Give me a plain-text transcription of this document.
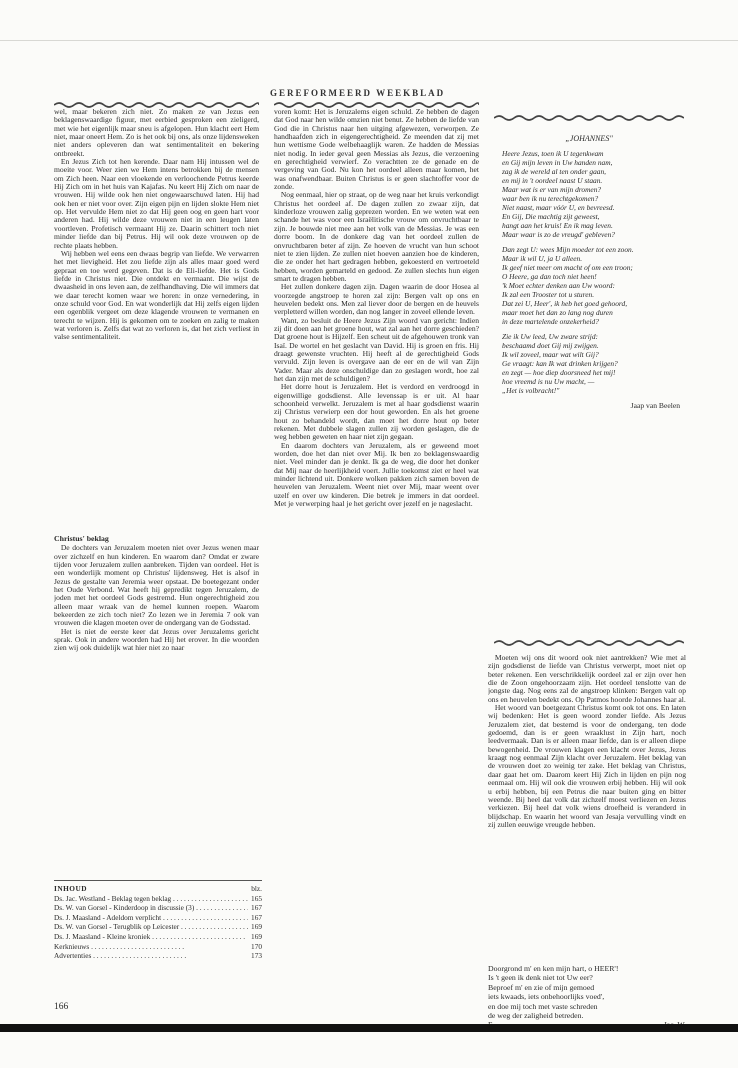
GEREFORMEERD WEEKBLAD

wel, maar bekeren zich niet. Zo maken ze van Jezus een beklagenswaardige figuur, met eerbied gesproken een zieligerd, met wie het eigenlijk maar sneu is afgelopen. Hun klacht eert Hem niet, maar oneert Hem. Zo is het ook bij ons, als onze lijdensweken niet anders opleveren dan wat sentimentaliteit en bekering ontbreekt.

En Jezus Zich tot hen kerende. Daar nam Hij intussen wel de moeite voor. Weer zien we Hem intens betrokken bij de mensen om Zich heen. Naar een vloekende en verloochende Petrus keerde Hij Zich om in het huis van Kajafas. Nu keert Hij Zich om naar de vrouwen. Hij wilde ook hen niet ongewaarschuwd laten. Hij had ook hen er niet voor over. Zijn eigen pijn en lijden slokte Hem niet op. Het vervulde Hem niet zo dat Hij geen oog en geen hart voor anderen had. Hij wilde deze vrouwen niet in een leugen laten voortleven. Profetisch vermaant Hij ze. Daarin schittert toch niet minder liefde dan bij Petrus. Hij wil ook deze vrouwen op de rechte plaats hebben.

Wij hebben wel eens een dwaas begrip van liefde. We verwarren het met lievigheid. Het zou liefde zijn als alles maar goed werd gepraat en toe werd gegeven. Dat is de Eli-liefde. Het is Gods liefde in Christus niet. Die ontdekt en vermaant. Die wijst de dwaasheid in ons leven aan, de zelfhandhaving. Die wil immers dat we daar terecht komen waar we horen: in onze vernedering, in onze schuld voor God. En wat wonderlijk dat Hij zelfs eigen lijden een ogenblik vergeet om deze klagende vrouwen te vermanen en terecht te wijzen. Hij is gekomen om te zoeken en zalig te maken wat verloren is. Zelfs dat wat zo verloren is, dat het zich verliest in valse sentimentaliteit.

Christus' beklag

De dochters van Jeruzalem moeten niet over Jezus wenen maar over zichzelf en hun kinderen. En waarom dan? Omdat er zware tijden voor Jeruzalem zullen aanbreken. Tijden van oordeel. Het is een wonderlijk moment op Christus' lijdensweg. Het is alsof in Jezus de gestalte van Jeremia weer opstaat. De boetegezant onder het Oude Verbond. Wat heeft hij gepredikt tegen Jeruzalem, de joden met het oordeel Gods gestremd. Hun ongerechtigheid zou alleen maar wraak van de hemel kunnen roepen. Waarom bekeerden ze zich toch niet? Zo lezen we in Jeremia 7 ook van vrouwen die klagen moeten over de ondergang van de Godsstad.

Het is niet de eerste keer dat Jezus over Jeruzalems gericht sprak. Ook in andere woorden had Hij het erover. In die woorden zien wij ook duidelijk wat hier niet zo naar

INHOUD	blz.
Ds. Jac. Westland - Beklag tegen beklag . . .	165
Ds. W. van Gorsel - Kinderdoop in discussie (3) . . .	167
Ds. J. Maasland - Adeldom verplicht . . .	167
Ds. W. van Gorsel - Terugblik op Leicester . . .	169
Ds. J. Maasland - Kleine kroniek . . .	169
Kerknieuws . . .	170
Advertenties . . .	173

voren komt: Het is Jeruzalems eigen schuld. Ze hebben de dagen dat God naar hen wilde omzien niet benut. Ze hebben de liefde van God die in Christus naar hen uitging afgewezen, verworpen. Ze handhaafden zich in eigengerechtigheid. Ze meenden dat zij met hun wettisme Gode welbehaaglijk waren. Ze hadden de Messias niet nodig. In ieder geval geen Messias als Jezus, die verzoening en gerechtigheid verwierf. Zo verachtten ze de genade en de vergeving van God. Nu kon het oordeel alleen maar komen, het was onafwendbaar. Buiten Christus is er geen slachtoffer voor de zonde.

Nog eenmaal, hier op straat, op de weg naar het kruis verkondigt Christus het oordeel af. De dagen zullen zo zwaar zijn, dat kinderloze vrouwen zalig geprezen worden. En we weten wat een schande het was voor een Israëlitische vrouw om onvruchtbaar te zijn. Je bouwde niet mee aan het volk van de Messias. Je was een dorre boom. In de donkere dag van het oordeel zullen de onvruchtbaren beter af zijn. Ze hoeven de vrucht van hun schoot niet te zien lijden. Ze zullen niet hoeven aanzien hoe de kinderen, die ze onder het hart gedragen hebben, gekoesterd en vertroeteld hebben, worden gemarteld en gedood. Ze zullen slechts hun eigen smart te dragen hebben.

Het zullen donkere dagen zijn. Dagen waarin de door Hosea al voorzegde angstroep te horen zal zijn: Bergen valt op ons en heuvelen bedekt ons. Men zal liever door de bergen en de heuvels verpletterd willen worden, dan nog langer in zoveel ellende leven.

Want, zo besluit de Heere Jezus Zijn woord van gericht: Indien zij dit doen aan het groene hout, wat zal aan het dorre geschieden? Dat groene hout is Hijzelf. Een scheut uit de afgehouwen tronk van Isaï. De wortel en het geslacht van David. Hij is groen en fris. Hij draagt gewenste vruchten. Hij heeft al de gerechtigheid Gods vervuld. Zijn leven is overgave aan de eer en de wil van Zijn Vader. Maar als deze onschuldige dan zo geslagen wordt, hoe zal het dan zijn met de schuldigen?

Het dorre hout is Jeruzalem. Het is verdord en verdroogd in eigenwillige godsdienst. Alle levenssap is er uit. Al haar schoonheid verwelkt. Jeruzalem is met al haar godsdienst waarin zij Christus verwierp een dor hout geworden. En als het groene hout zo behandeld wordt, dan moet het dorre hout op beter rekenen. Met dubbele slagen zullen zij worden geslagen, die de weg hebben geweten en haar niet zijn gegaan.

En daarom dochters van Jeruzalem, als er geweend moet worden, doe het dan niet over Mij. Ik ben zo beklagenswaardig niet. Veel minder dan je denkt. Ik ga de weg, die door het donker dat Mij naar de heerlijkheid voert. Jullie toekomst ziet er heel wat minder lichtend uit. Donkere wolken pakken zich samen boven de heuvelen van Jeruzalem. Weent niet over Mij, maar weent over uzelf en over uw kinderen. Die betrek je immers in dat oordeel. Met je verwerping haal je het gericht over jezelf en je nageslacht.

„JOHANNES"
Heere Jezus, toen ik U tegenkwam
en Gij mijn leven in Uw handen nam,
zag ik de wereld al ten onder gaan,
en mij in 't oordeel naast U staan.
Maar wat is er van mijn dromen?
waar ben ik nu terechtgekomen?
Niet naast, maar vóór U, en bevreesd.
En Gij, Die machtig zijt geweest,
hangt aan het kruis! En ik mag leven.
Maar waar is zo de vreugd' gebleven?
Dan zegt U: wees Mijn moeder tot een zoon.
Maar ik wil U, ja U alleen.
Ik geef niet meer om macht of om een troon;
O Heere, ga dan toch niet heen!
'k Moet echter denken aan Uw woord:
Ik zal een Trooster tot u sturen.
Dat zei U, Heer', ik heb het goed gehoord,
maar moet het dan zo lang nog duren
in deze martelende onzekerheid?
Zie ik Uw leed, Uw zware strijd:
beschaamd doet Gij mij zwijgen.
Ik wil zoveel, maar wat wilt Gij?
Ge vraagt: kan Ik wat drinken krijgen?
en zegt — hoe diep doorsneed het mij!
hoe vreemd is nu Uw macht, —
„Het is volbracht!"
Jaap van Beelen

Moeten wij ons dit woord ook niet aantrekken? Wie met al zijn godsdienst de liefde van Christus verwerpt, moet niet op beter rekenen. Een verschrikkelijk oordeel zal er zijn over hen die de Zoon ongehoorzaam zijn. Het oordeel tenslotte van de jongste dag. Nog eens zal de angstroep klinken: Bergen valt op ons en heuvelen bedekt ons. Op Patmos hoorde Johannes haar al.

Het woord van boetgezant Christus komt ook tot ons. En laten wij bedenken: Het is geen woord zonder liefde. Als Jezus Jeruzalem ziet, dat bestemd is voor de ondergang, ten dode gedoemd, dan is er geen wraaklust in Zijn hart, noch leedvermaak. Dan is er alleen maar liefde, dan is er alleen diepe bewogenheid. De vrouwen klagen een klacht over Jezus, Jezus kraagt nog eenmaal Zijn klacht over Jeruzalem. Het beklag van de vrouwen doet zo weinig ter zake. Het beklag van Christus, daar gaat het om. Daarom keert Hij Zich in lijden en pijn nog eenmaal om. Hij wil ook die vrouwen erbij hebben. Hij wil ook u erbij hebben, bij een Petrus die naar buiten ging en bitter weende. Bij heel dat volk dat zichzelf moest verliezen en Jezus verkiezen. Bij heel dat volk wiens droefheid is veranderd in blijdschap. En waarin het woord van Jesaja vervulling vindt en zij zullen eeuwige vreugde hebben.

Doorgrond m' en ken mijn hart, o HEER'!
Is 't geen ik denk niet tot Uw eer?
Beproef m' en zie of mijn gemoed
iets kwaads, iets onbehoorlijks voed',
en doe mij toch met vaste schreden
de weg der zaligheid betreden.
166
